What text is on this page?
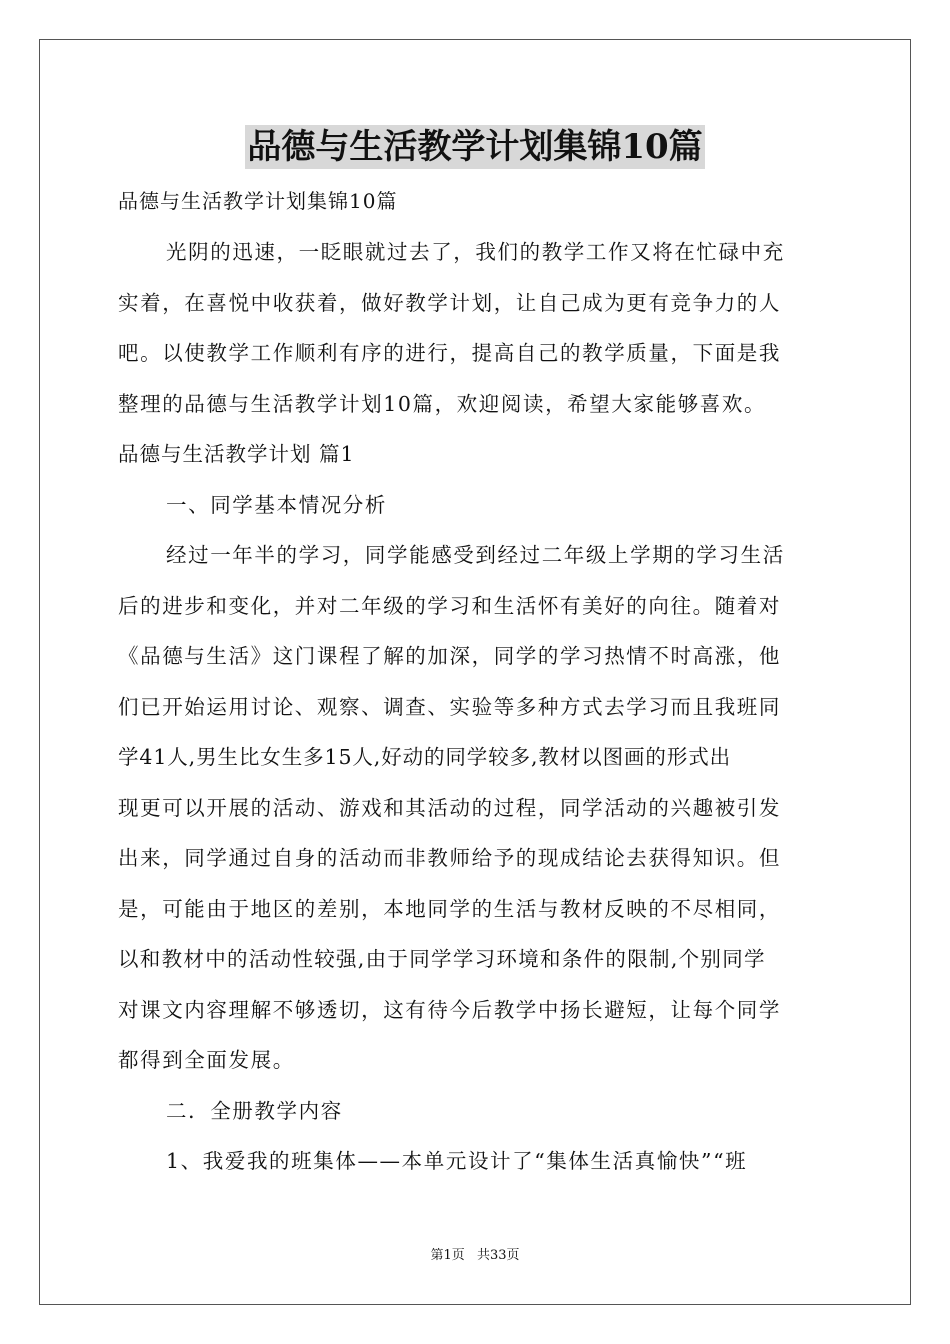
品德与生活教学计划集锦10篇
品德与生活教学计划集锦10篇
光阴的迅速，一眨眼就过去了，我们的教学工作又将在忙碌中充
实着，在喜悦中收获着，做好教学计划，让自己成为更有竞争力的人
吧。以使教学工作顺利有序的进行，提高自己的教学质量，下面是我
整理的品德与生活教学计划10篇，欢迎阅读，希望大家能够喜欢。
品德与生活教学计划 篇1
一、同学基本情况分析
经过一年半的学习，同学能感受到经过二年级上学期的学习生活
后的进步和变化，并对二年级的学习和生活怀有美好的向往。随着对
《品德与生活》这门课程了解的加深，同学的学习热情不时高涨，他
们已开始运用讨论、观察、调查、实验等多种方式去学习而且我班同
学41人,男生比女生多15人,好动的同学较多,教材以图画的形式出
现更可以开展的活动、游戏和其活动的过程，同学活动的兴趣被引发
出来，同学通过自身的活动而非教师给予的现成结论去获得知识。但
是，可能由于地区的差别，本地同学的生活与教材反映的不尽相同，
以和教材中的活动性较强,由于同学学习环境和条件的限制,个别同学
对课文内容理解不够透切，这有待今后教学中扬长避短，让每个同学
都得到全面发展。
二．全册教学内容
1、我爱我的班集体——本单元设计了“集体生活真愉快”“班
第1页 共33页
